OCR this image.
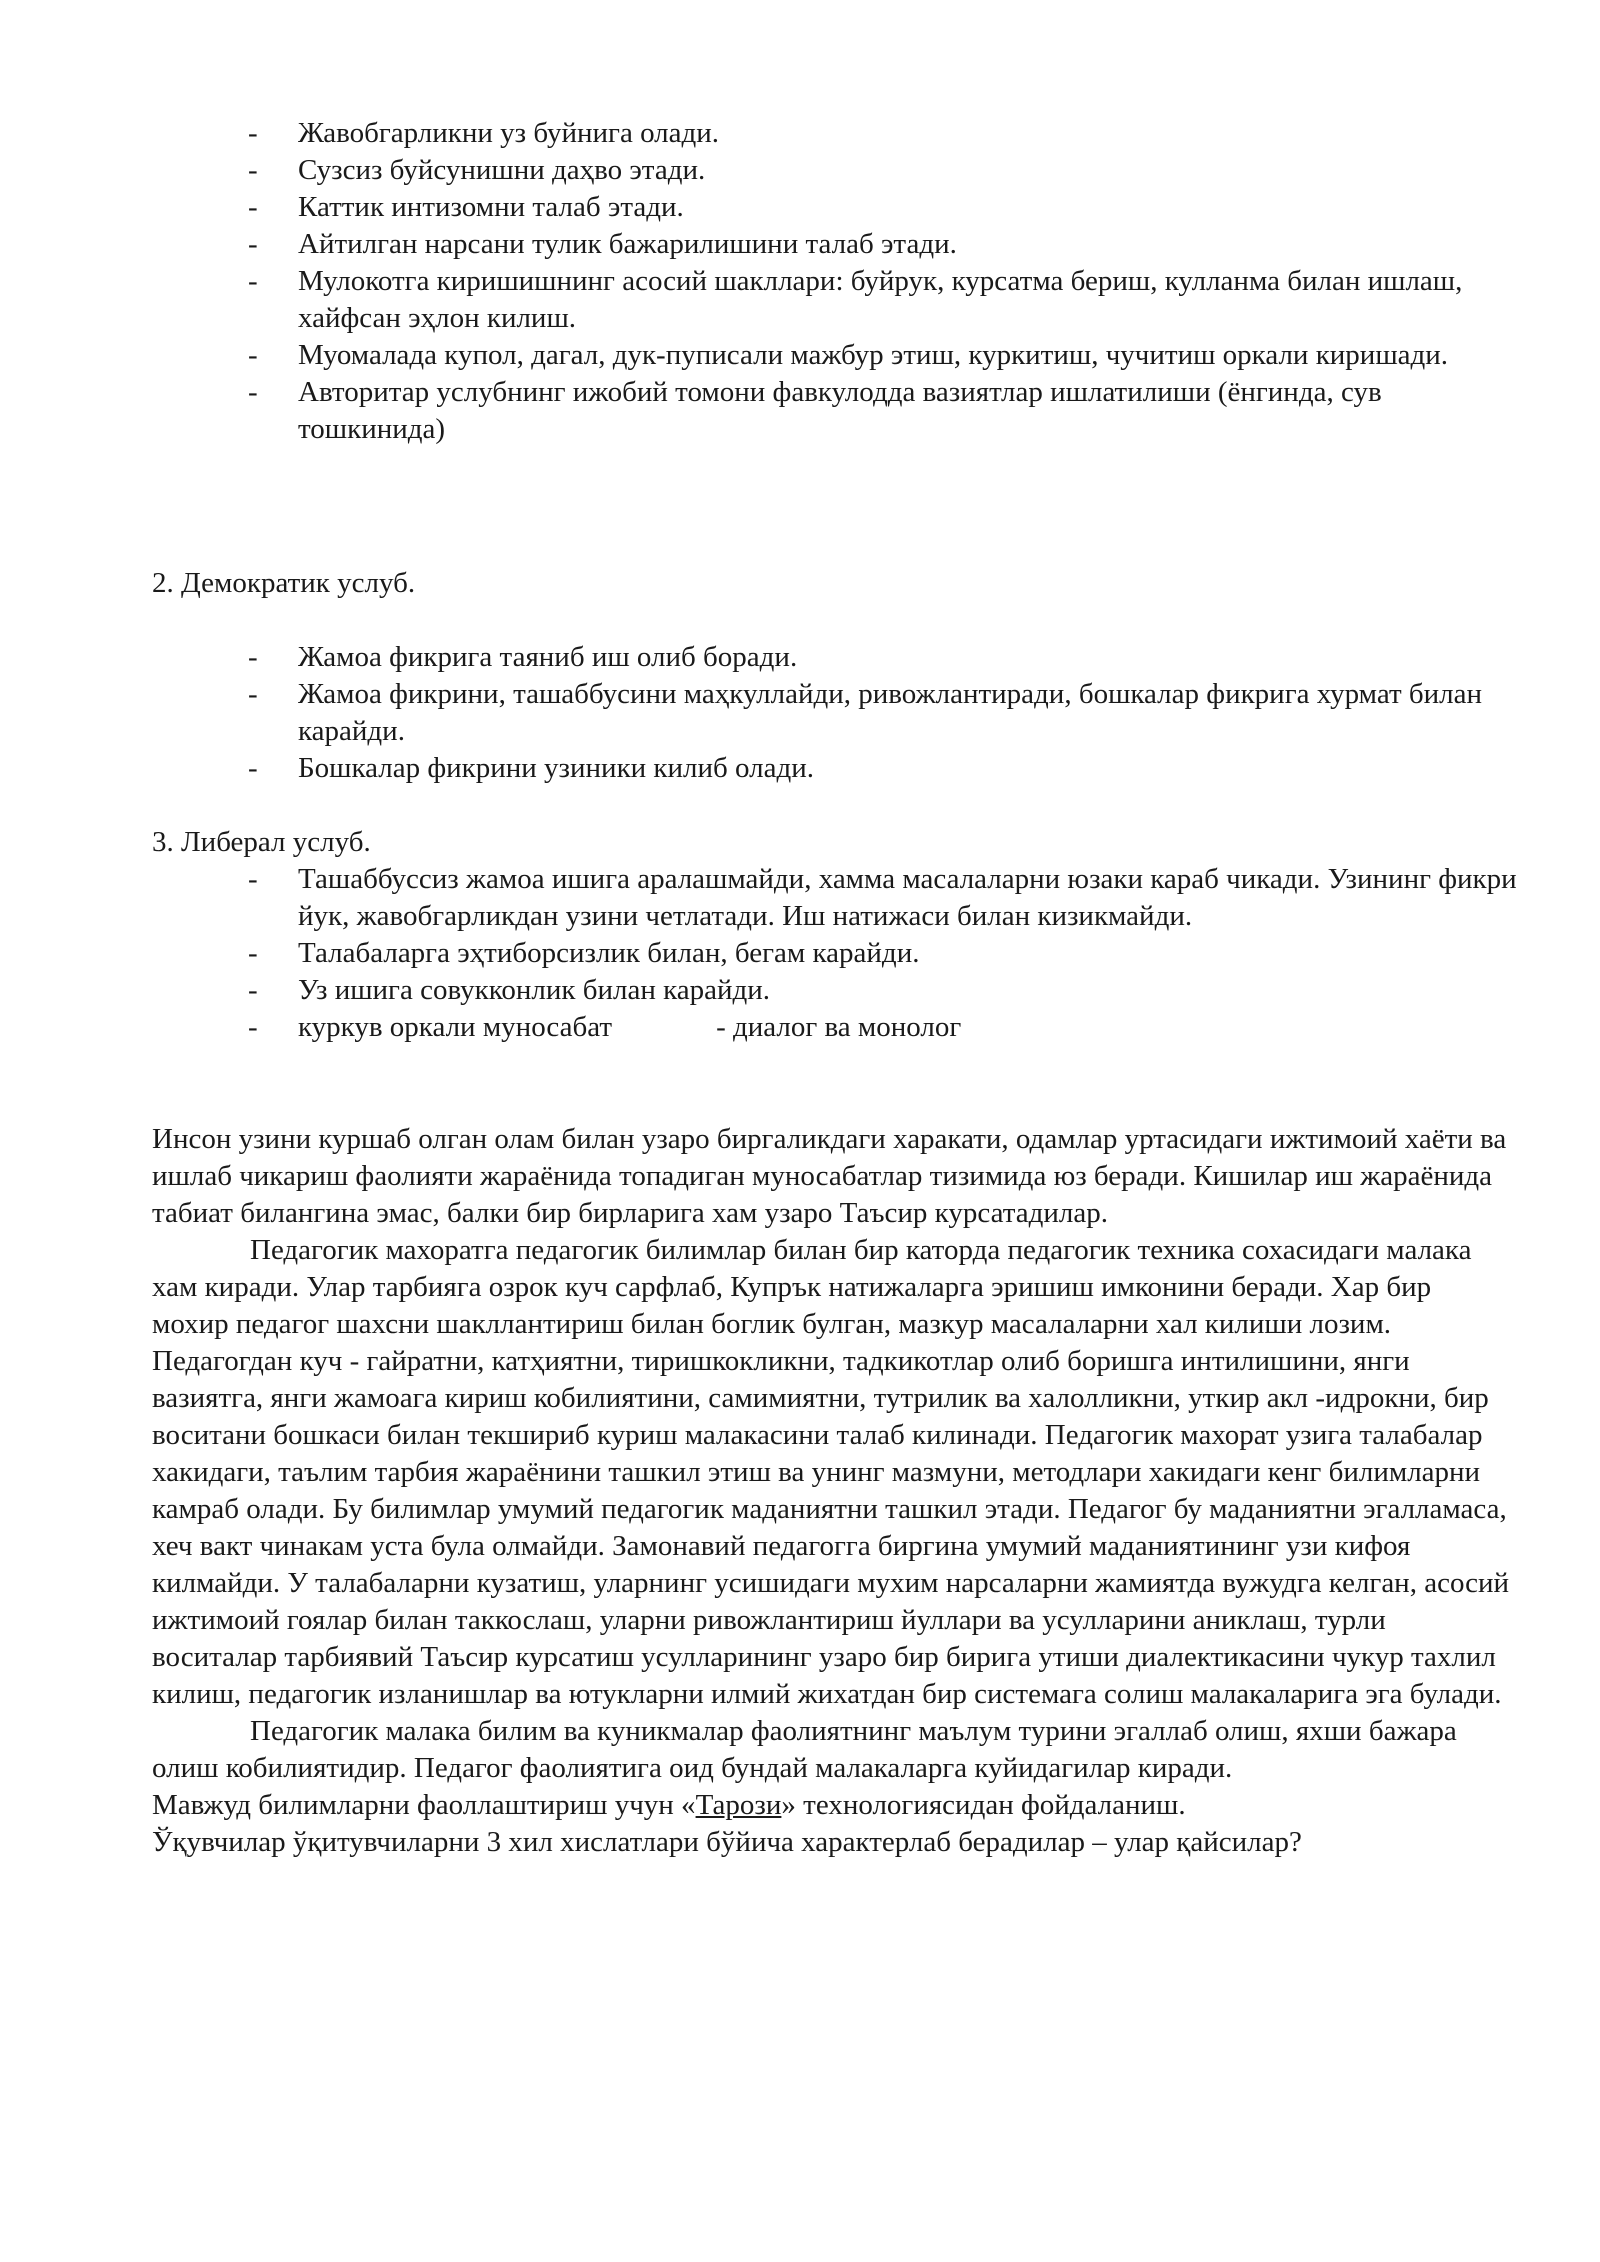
- Жавобгарликни уз буйнига олади.
- Сузсиз буйсунишни даҳво этади.
- Каттик интизомни талаб этади.
- Айтилган нарсани тулик бажарилишини талаб этади.
- Мулокотга киришишнинг асосий шакллари: буйрук, курсатма бериш, кулланма билан ишлаш, хайфсан эҳлон килиш.
- Муомалада купол, дагал, дук-пуписали мажбур этиш, куркитиш, чучитиш оркали киришади.
- Авторитар услубнинг ижобий томони фавкулодда вазиятлар ишлатилиши (ёнгинда, сув тошкинида)
2. Демократик услуб.
- Жамоа фикрига таяниб иш олиб боради.
- Жамоа фикрини, ташаббусини маҳкуллайди, ривожлантиради, бошкалар фикрига хурмат билан карайди.
- Бошкалар фикрини узиники килиб олади.
3. Либерал услуб.
- Ташаббуссиз жамоа ишига аралашмайди, хамма масалаларни юзаки караб чикади. Узининг фикри йук, жавобгарликдан узини четлатади. Иш натижаси билан кизикмайди.
- Талабаларга эҳтиборсизлик билан, бегам карайди.
- Уз ишига совукконлик билан карайди.
- куркув оркали муносабат	- диалог ва монолог

Инсон узини куршаб олган олам билан узаро биргаликдаги харакати, одамлар уртасидаги ижтимоий хаёти ва ишлаб чикариш фаолияти жараёнида топадиган муносабатлар тизимида юз беради. Кишилар иш жараёнида табиат билангина эмас, балки бир бирларига хам узаро Таъсир курсатадилар.

Педагогик махоратга педагогик билимлар билан бир каторда педагогик техника сохасидаги малака хам киради. Улар тарбияга озрок куч сарфлаб, Купрък натижаларга эришиш имконини беради. Хар бир мохир педагог шахсни шакллантириш билан боглик булган, мазкур масалаларни хал килиши лозим. Педагогдан куч - гайратни, катҳиятни, тиришкокликни, тадкикотлар олиб боришга интилишини, янги вазиятга, янги жамоага кириш кобилиятини, самимиятни, тутрилик ва халолликни, уткир акл -идрокни, бир воситани бошкаси билан текшириб куриш малакасини талаб килинади. Педагогик махорат узига талабалар хакидаги, таълим тарбия жараёнини ташкил этиш ва унинг мазмуни, методлари хакидаги кенг билимларни камраб олади. Бу билимлар умумий педагогик маданиятни ташкил этади. Педагог бу маданиятни эгалламаса, хеч вакт чинакам уста була олмайди. Замонавий педагогга биргина умумий маданиятининг узи кифоя килмайди. У талабаларни кузатиш, уларнинг усишидаги мухим нарсаларни жамиятда вужудга келган, асосий ижтимоий гоялар билан таккослаш, уларни ривожлантириш йуллари ва усулларини аниклаш, турли воситалар тарбиявий Таъсир курсатиш усулларининг узаро бир бирига утиши диалектикасини чукур тахлил килиш, педагогик изланишлар ва ютукларни илмий жихатдан бир системага солиш малакаларига эга булади.

Педагогик малака билим ва куникмалар фаолиятнинг маълум турини эгаллаб олиш, яхши бажара олиш кобилиятидир. Педагог фаолиятига оид бундай малакаларга куйидагилар киради.

Мавжуд билимларни фаоллаштириш учун «Тарози» технологиясидан фойдаланиш.

Ўқувчилар ўқитувчиларни 3 хил хислатлари бўйича характерлаб берадилар – улар қайсилар?
